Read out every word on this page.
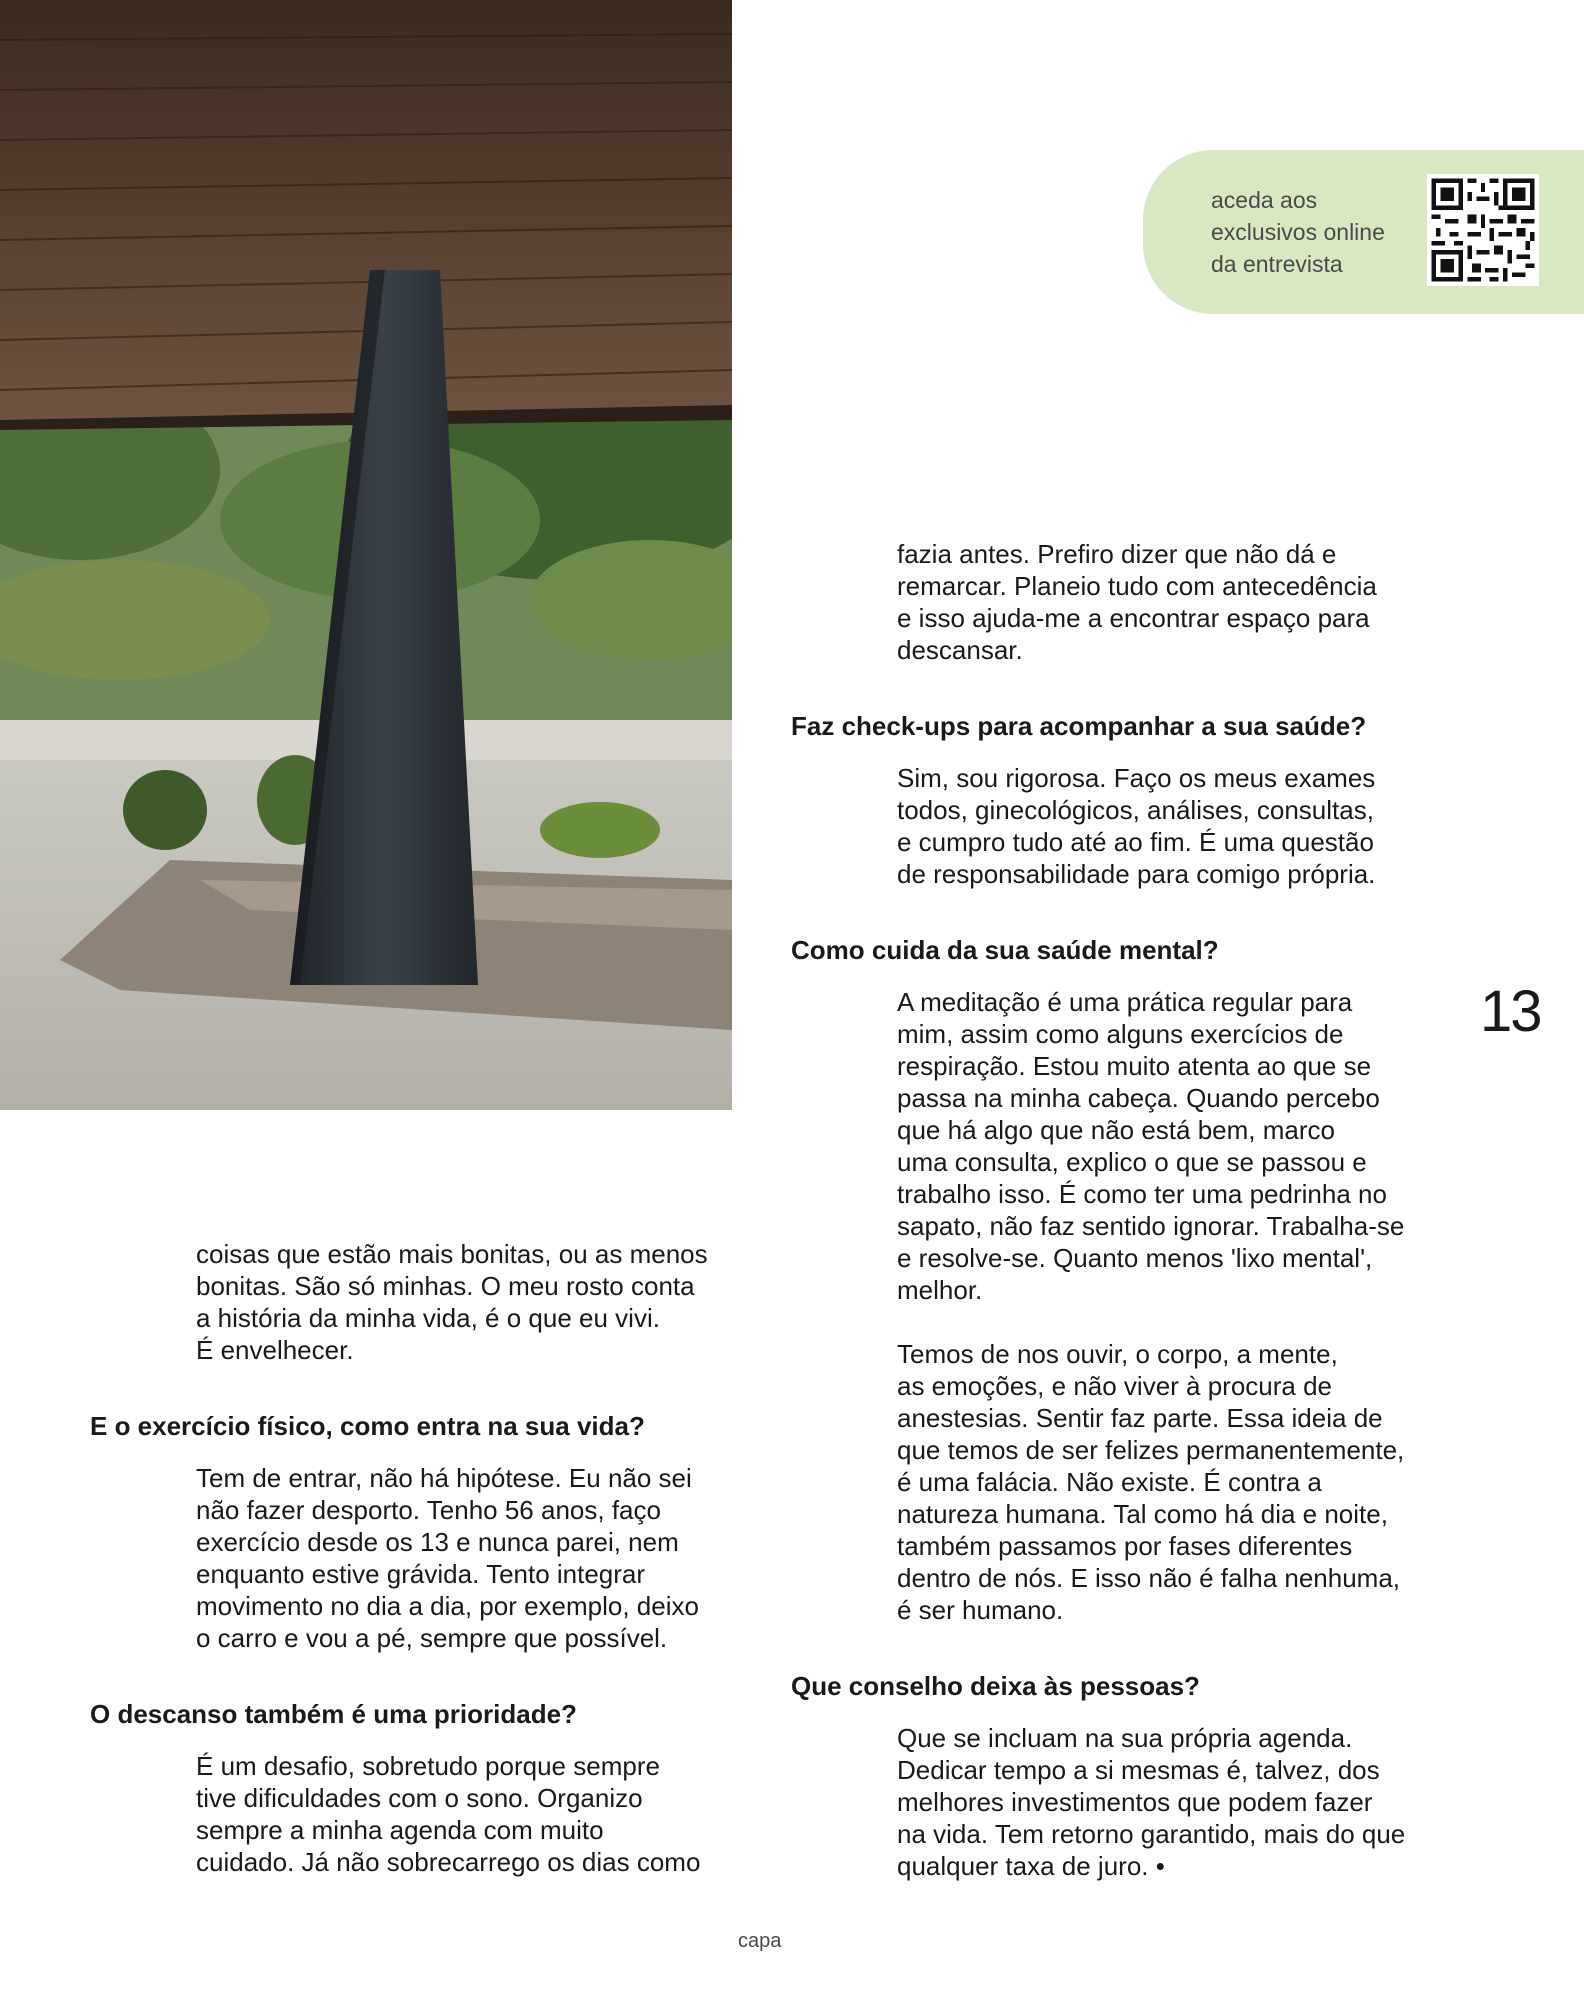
aceda aos
exclusivos online
da entrevista
13
coisas que estão mais bonitas, ou as menos
bonitas. São só minhas. O meu rosto conta
a história da minha vida, é o que eu vivi.
É envelhecer.
E o exercício físico, como entra na sua vida?
Tem de entrar, não há hipótese. Eu não sei
não fazer desporto. Tenho 56 anos, faço
exercício desde os 13 e nunca parei, nem
enquanto estive grávida. Tento integrar
movimento no dia a dia, por exemplo, deixo
o carro e vou a pé, sempre que possível.
O descanso também é uma prioridade?
É um desafio, sobretudo porque sempre
tive dificuldades com o sono. Organizo
sempre a minha agenda com muito
cuidado. Já não sobrecarrego os dias como
fazia antes. Prefiro dizer que não dá e
remarcar. Planeio tudo com antecedência
e isso ajuda-me a encontrar espaço para
descansar.
Faz check-ups para acompanhar a sua saúde?
Sim, sou rigorosa. Faço os meus exames
todos, ginecológicos, análises, consultas,
e cumpro tudo até ao fim. É uma questão
de responsabilidade para comigo própria.
Como cuida da sua saúde mental?
A meditação é uma prática regular para
mim, assim como alguns exercícios de
respiração. Estou muito atenta ao que se
passa na minha cabeça. Quando percebo
que há algo que não está bem, marco
uma consulta, explico o que se passou e
trabalho isso. É como ter uma pedrinha no
sapato, não faz sentido ignorar. Trabalha-se
e resolve-se. Quanto menos 'lixo mental',
melhor.
Temos de nos ouvir, o corpo, a mente,
as emoções, e não viver à procura de
anestesias. Sentir faz parte. Essa ideia de
que temos de ser felizes permanentemente,
é uma falácia. Não existe. É contra a
natureza humana. Tal como há dia e noite,
também passamos por fases diferentes
dentro de nós. E isso não é falha nenhuma,
é ser humano.
Que conselho deixa às pessoas?
Que se incluam na sua própria agenda.
Dedicar tempo a si mesmas é, talvez, dos
melhores investimentos que podem fazer
na vida. Tem retorno garantido, mais do que
qualquer taxa de juro. •
capa
